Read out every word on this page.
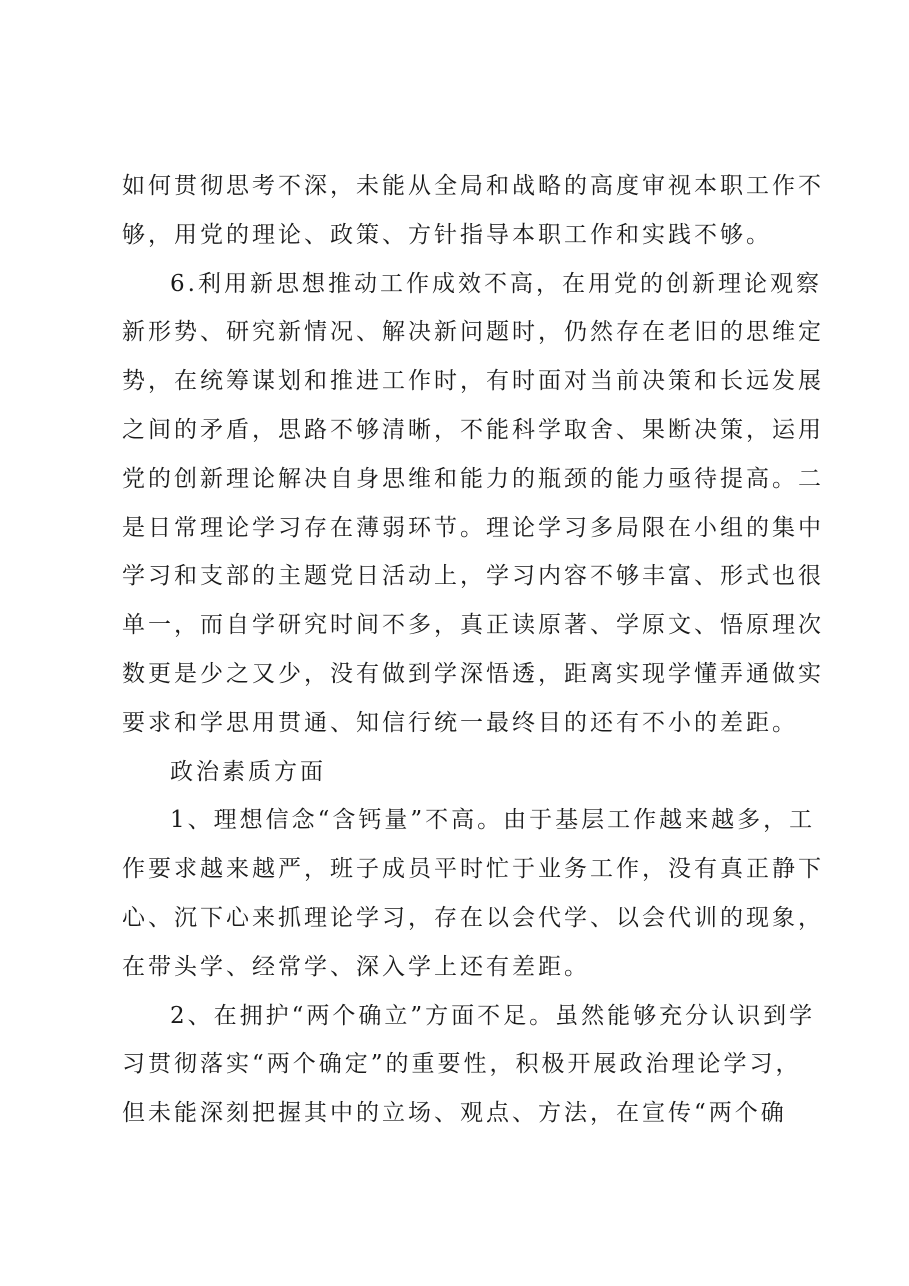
如何贯彻思考不深，未能从全局和战略的高度审视本职工作不
够，用党的理论、政策、方针指导本职工作和实践不够。
6.利用新思想推动工作成效不高，在用党的创新理论观察
新形势、研究新情况、解决新问题时，仍然存在老旧的思维定
势，在统筹谋划和推进工作时，有时面对当前决策和长远发展
之间的矛盾，思路不够清晰，不能科学取舍、果断决策，运用
党的创新理论解决自身思维和能力的瓶颈的能力亟待提高。二
是日常理论学习存在薄弱环节。理论学习多局限在小组的集中
学习和支部的主题党日活动上，学习内容不够丰富、形式也很
单一，而自学研究时间不多，真正读原著、学原文、悟原理次
数更是少之又少，没有做到学深悟透，距离实现学懂弄通做实
要求和学思用贯通、知信行统一最终目的还有不小的差距。
政治素质方面
1、理想信念“含钙量”不高。由于基层工作越来越多，工
作要求越来越严，班子成员平时忙于业务工作，没有真正静下
心、沉下心来抓理论学习，存在以会代学、以会代训的现象，
在带头学、经常学、深入学上还有差距。
2、在拥护“两个确立”方面不足。虽然能够充分认识到学
习贯彻落实“两个确定”的重要性，积极开展政治理论学习，
但未能深刻把握其中的立场、观点、方法，在宣传“两个确
